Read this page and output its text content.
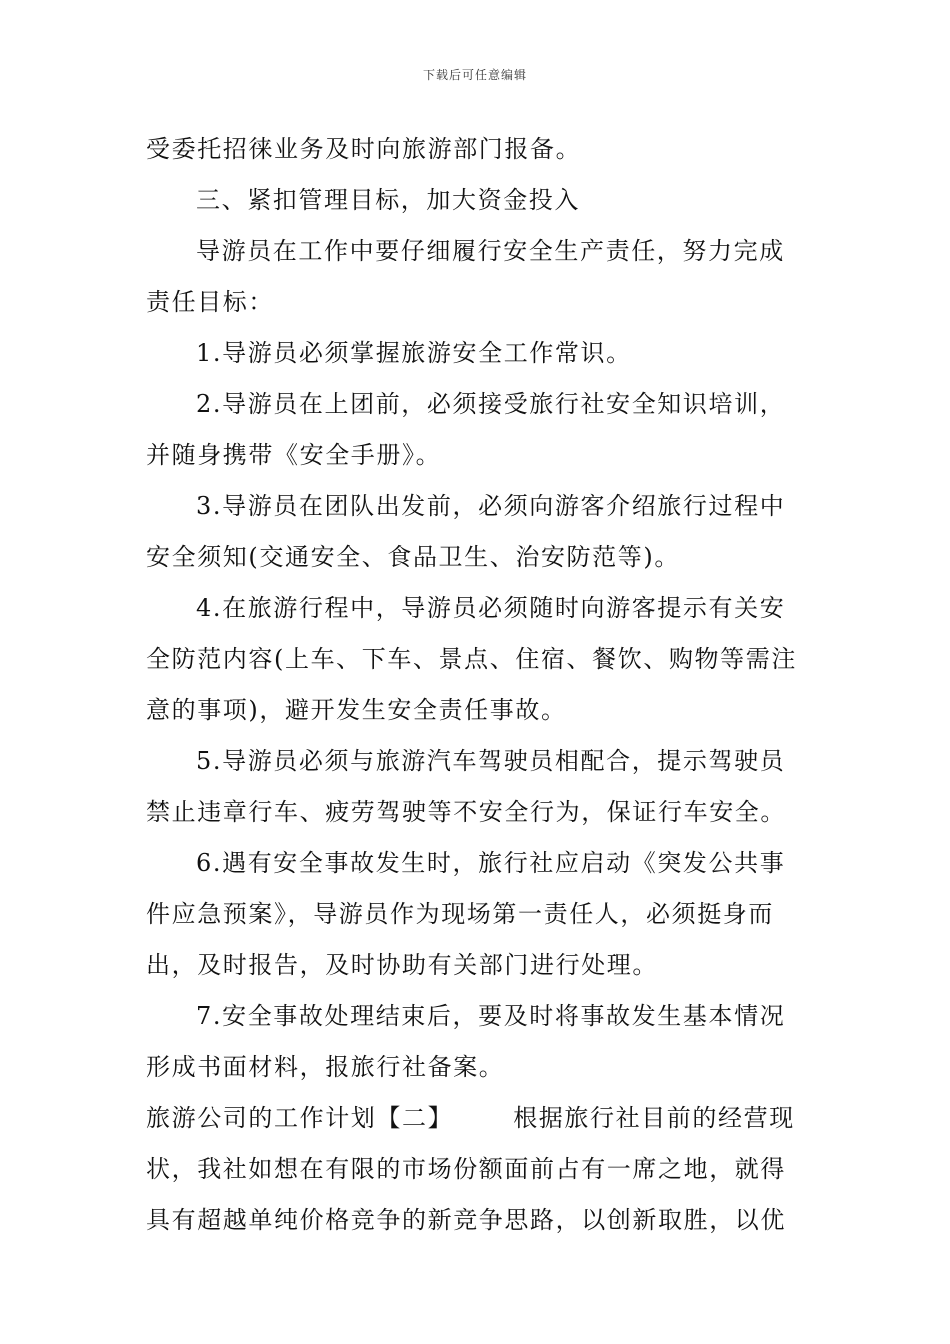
下载后可任意编辑
受委托招徕业务及时向旅游部门报备。
三、紧扣管理目标，加大资金投入
导游员在工作中要仔细履行安全生产责任，努力完成
责任目标：
1.导游员必须掌握旅游安全工作常识。
2.导游员在上团前，必须接受旅行社安全知识培训，
并随身携带《安全手册》。
3.导游员在团队出发前，必须向游客介绍旅行过程中
安全须知(交通安全、食品卫生、治安防范等)。
4.在旅游行程中，导游员必须随时向游客提示有关安
全防范内容(上车、下车、景点、住宿、餐饮、购物等需注
意的事项)，避开发生安全责任事故。
5.导游员必须与旅游汽车驾驶员相配合，提示驾驶员
禁止违章行车、疲劳驾驶等不安全行为，保证行车安全。
6.遇有安全事故发生时，旅行社应启动《突发公共事
件应急预案》，导游员作为现场第一责任人，必须挺身而
出，及时报告，及时协助有关部门进行处理。
7.安全事故处理结束后，要及时将事故发生基本情况
形成书面材料，报旅行社备案。
旅游公司的工作计划【二】	根据旅行社目前的经营现
状，我社如想在有限的市场份额面前占有一席之地，就得
具有超越单纯价格竞争的新竞争思路，以创新取胜，以优
